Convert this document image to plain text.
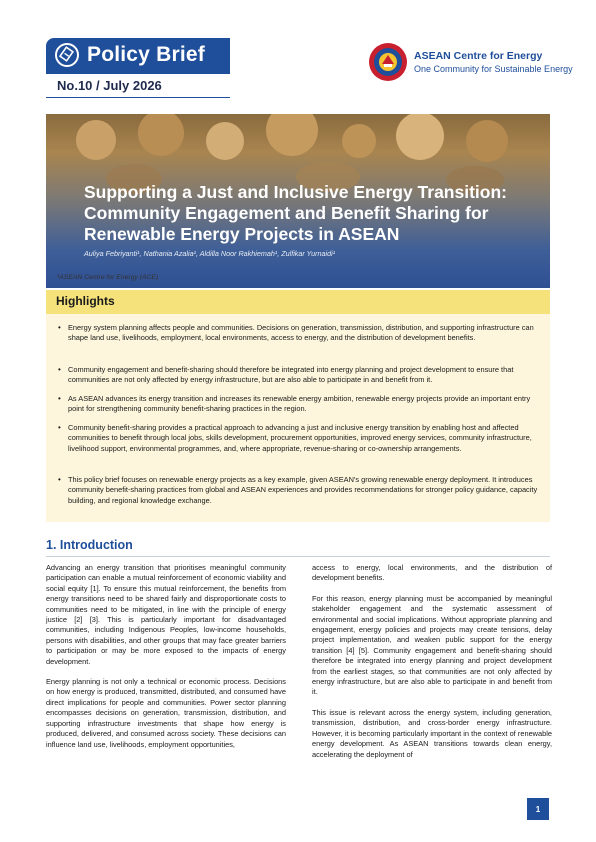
Policy Brief
No.10 / July 2026
ASEAN Centre for Energy
One Community for Sustainable Energy
Supporting a Just and Inclusive Energy Transition: Community Engagement and Benefit Sharing for Renewable Energy Projects in ASEAN
Auliya Febriyanti¹, Nathania Azalia¹, Aldilla Noor Rakhiemah¹, Zulfikar Yurnaidi¹
¹ASEAN Centre for Energy (ACE)
Highlights
• Energy system planning affects people and communities. Decisions on generation, transmission, distribution, and supporting infrastructure can shape land use, livelihoods, employment, local environments, access to energy, and the distribution of development benefits.
• Community engagement and benefit-sharing should therefore be integrated into energy planning and project development to ensure that communities are not only affected by energy infrastructure, but are also able to participate in and benefit from it.
• As ASEAN advances its energy transition and increases its renewable energy ambition, renewable energy projects provide an important entry point for strengthening community benefit-sharing practices in the region.
• Community benefit-sharing provides a practical approach to advancing a just and inclusive energy transition by enabling host and affected communities to benefit through local jobs, skills development, procurement opportunities, improved energy services, community infrastructure, livelihood support, environmental programmes, and, where appropriate, revenue-sharing or co-ownership arrangements.
• This policy brief focuses on renewable energy projects as a key example, given ASEAN's growing renewable energy deployment. It introduces community benefit-sharing practices from global and ASEAN experiences and provides recommendations for stronger policy guidance, capacity building, and regional knowledge exchange.
1. Introduction

Advancing an energy transition that prioritises meaningful community participation can enable a mutual reinforcement of economic viability and social equity [1]. To ensure this mutual reinforcement, the benefits from energy transitions need to be shared fairly and disproportionate costs to communities need to be mitigated, in line with the principle of energy justice [2] [3]. This is particularly important for disadvantaged communities, including Indigenous Peoples, low-income households, persons with disabilities, and other groups that may face greater barriers to participation or may be more exposed to the impacts of energy development.

Energy planning is not only a technical or economic process. Decisions on how energy is produced, transmitted, distributed, and consumed have direct implications for people and communities. Power sector planning encompasses decisions on generation, transmission, distribution, and supporting infrastructure investments that shape how energy is produced, delivered, and consumed across society. These decisions can influence land use, livelihoods, employment opportunities,

access to energy, local environments, and the distribution of development benefits.

For this reason, energy planning must be accompanied by meaningful stakeholder engagement and the systematic assessment of environmental and social implications. Without appropriate planning and engagement, energy policies and projects may create tensions, delay project implementation, and weaken public support for the energy transition [4] [5]. Community engagement and benefit-sharing should therefore be integrated into energy planning and project development from the earliest stages, so that communities are not only affected by energy infrastructure, but are also able to participate in and benefit from it.

This issue is relevant across the energy system, including generation, transmission, distribution, and cross-border energy infrastructure. However, it is becoming particularly important in the context of renewable energy development. As ASEAN transitions towards clean energy, accelerating the deployment of

1
